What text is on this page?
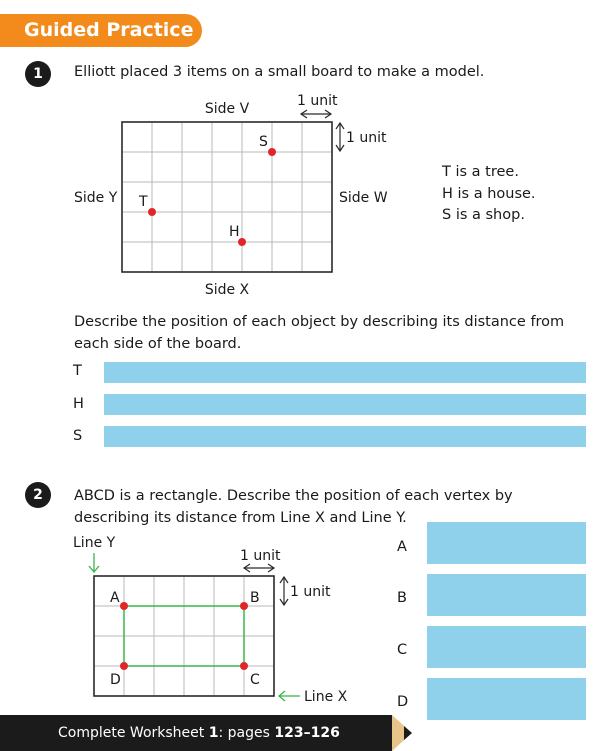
Guided Practice
1	Elliott placed 3 items on a small board to make a model.
Side V
Side X
Side Y	Side W
1 unit
1 unit
S
T
H
Line Y
Line X
1 unit
1 unit
A	B
C
D
T is a tree.
H is a house.
S is a shop.
Describe the position of each object by describing its distance from each side of the board.
T
H
S
2	ABCD is a rectangle. Describe the position of each vertex by describing its distance from Line X and Line Y.
A
B
C
D
Complete Worksheet 1: pages 123–126
